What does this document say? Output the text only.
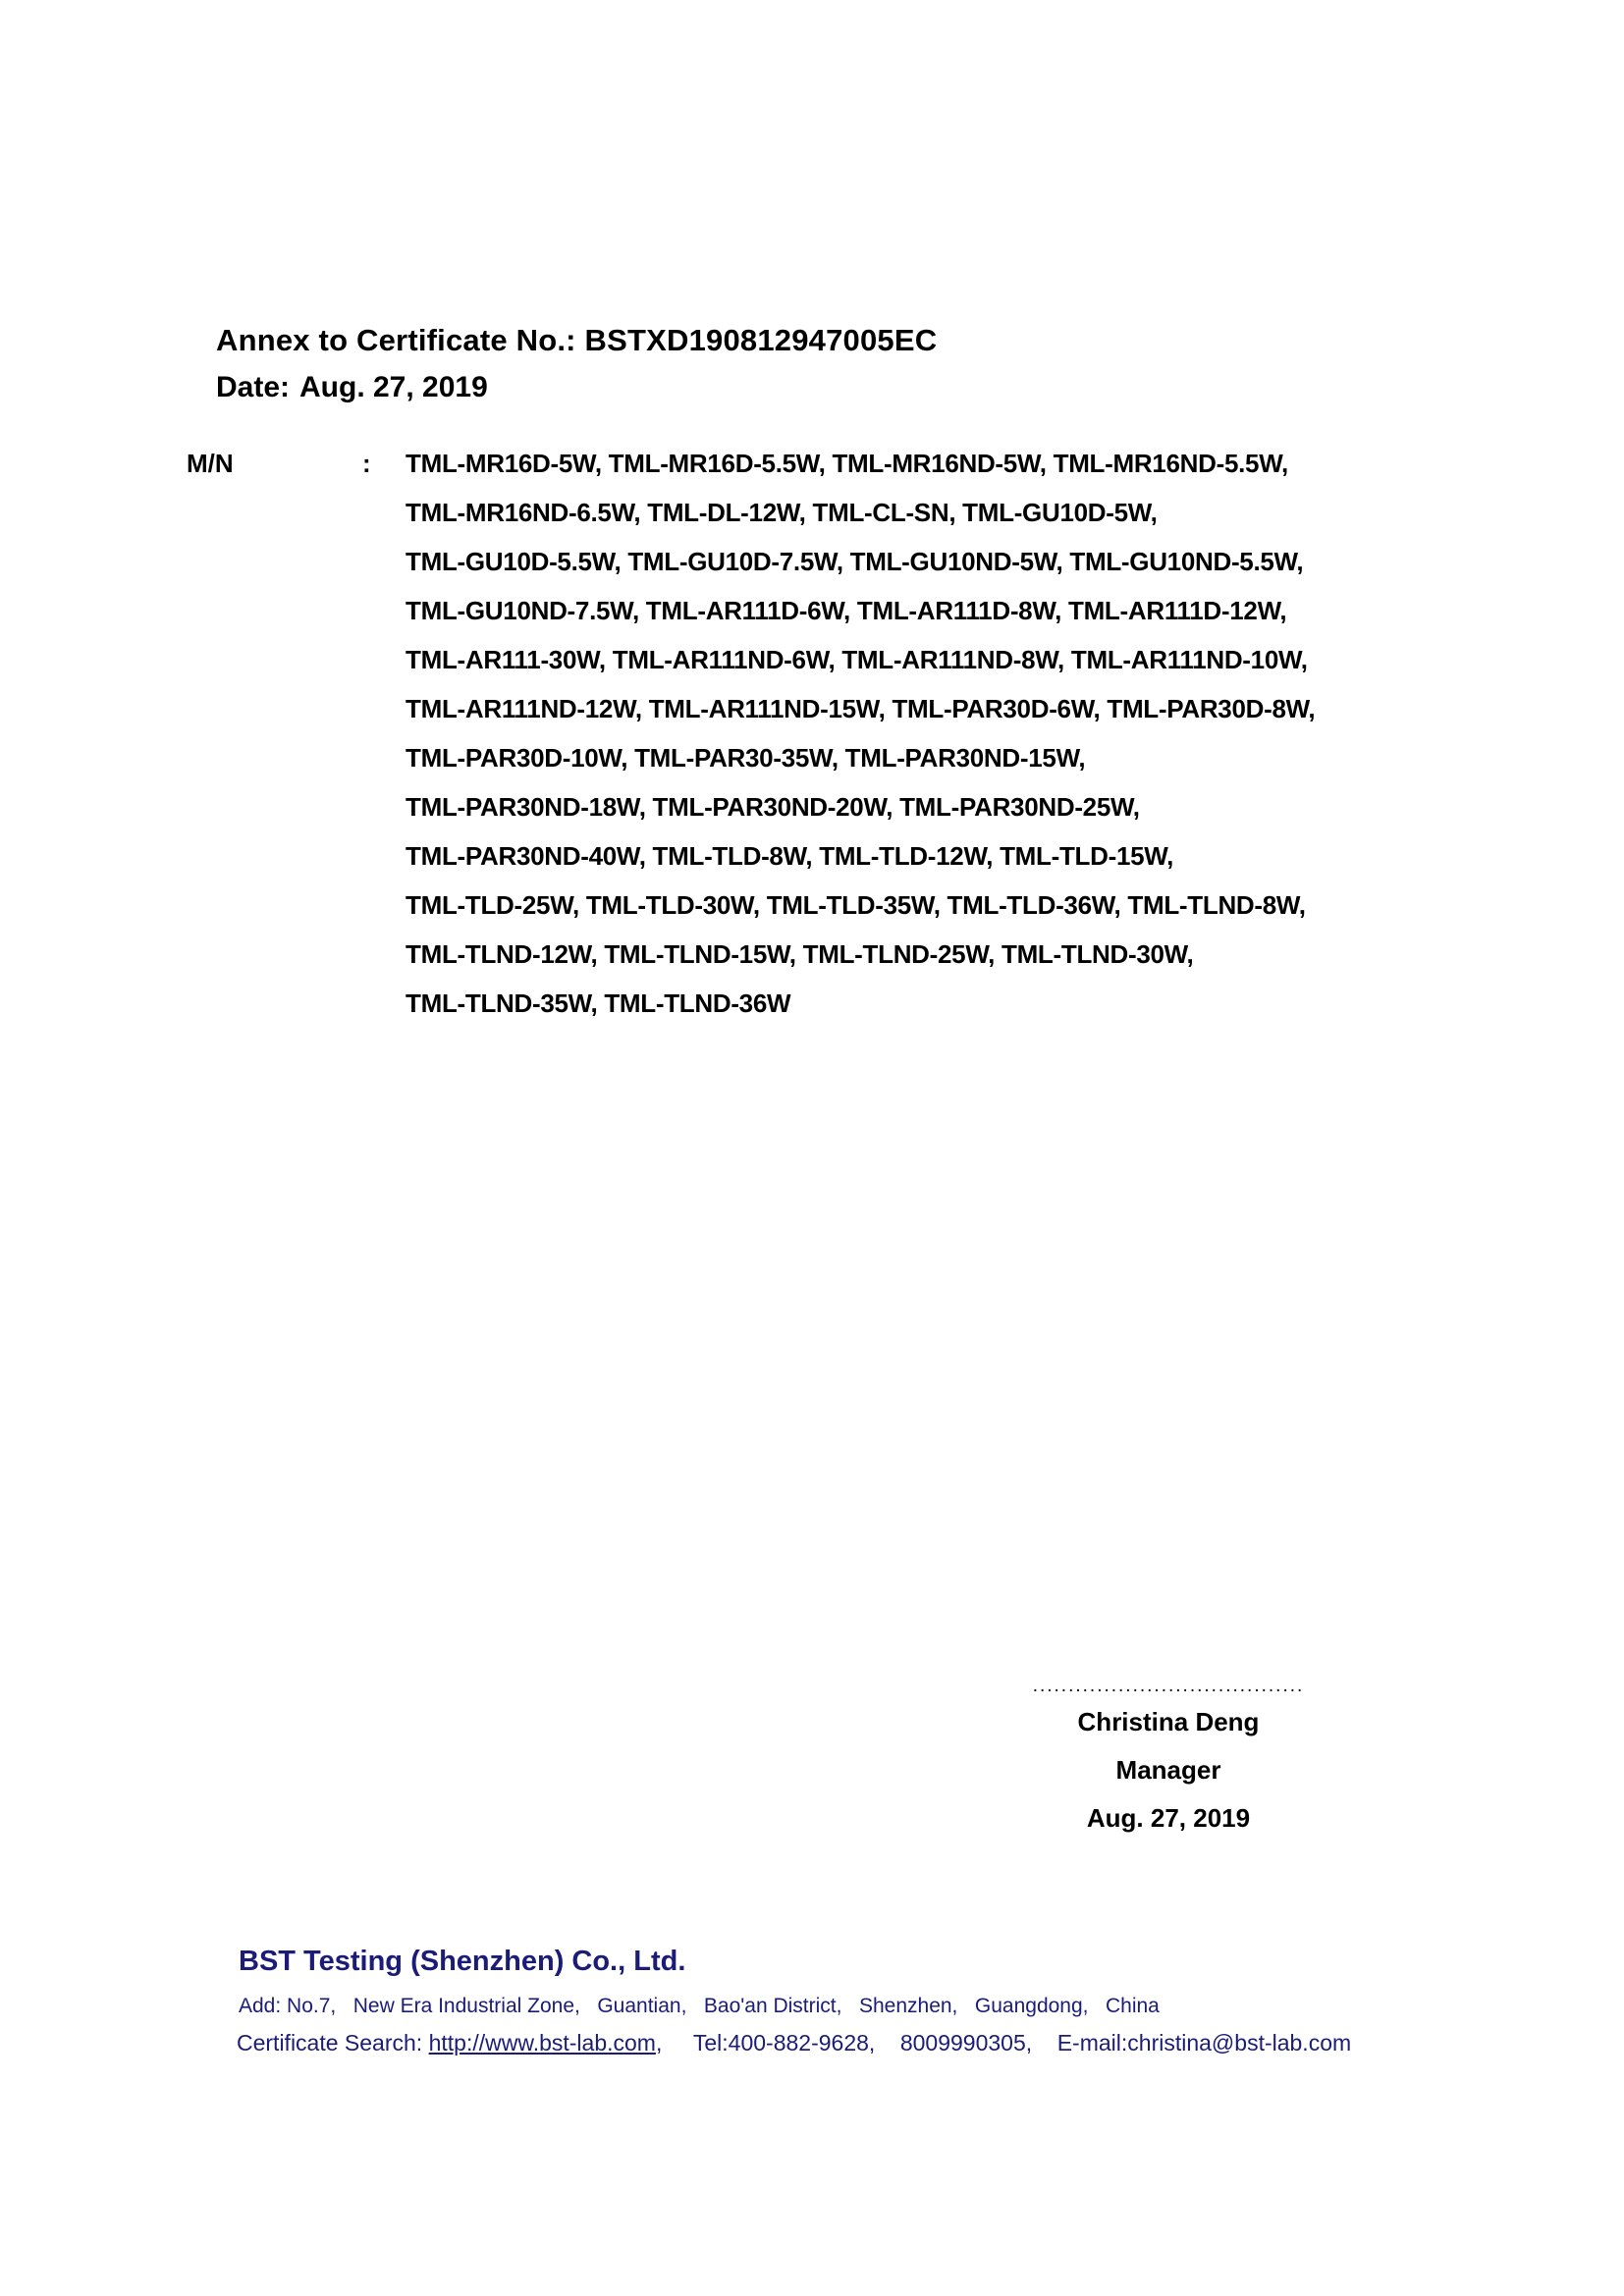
Annex to Certificate No.: BSTXD190812947005EC
Date: Aug. 27, 2019
M/N	: TML-MR16D-5W, TML-MR16D-5.5W, TML-MR16ND-5W, TML-MR16ND-5.5W,
TML-MR16ND-6.5W, TML-DL-12W, TML-CL-SN, TML-GU10D-5W,
TML-GU10D-5.5W, TML-GU10D-7.5W, TML-GU10ND-5W, TML-GU10ND-5.5W,
TML-GU10ND-7.5W, TML-AR111D-6W, TML-AR111D-8W, TML-AR111D-12W,
TML-AR111-30W, TML-AR111ND-6W, TML-AR111ND-8W, TML-AR111ND-10W,
TML-AR111ND-12W, TML-AR111ND-15W, TML-PAR30D-6W, TML-PAR30D-8W,
TML-PAR30D-10W, TML-PAR30-35W, TML-PAR30ND-15W,
TML-PAR30ND-18W, TML-PAR30ND-20W, TML-PAR30ND-25W,
TML-PAR30ND-40W, TML-TLD-8W, TML-TLD-12W, TML-TLD-15W,
TML-TLD-25W, TML-TLD-30W, TML-TLD-35W, TML-TLD-36W, TML-TLND-8W,
TML-TLND-12W, TML-TLND-15W, TML-TLND-25W, TML-TLND-30W,
TML-TLND-35W, TML-TLND-36W
......................................
Christina Deng
Manager
Aug. 27, 2019
BST Testing (Shenzhen) Co., Ltd.
Add: No.7,   New Era Industrial Zone,   Guantian,   Bao'an District,   Shenzhen,   Guangdong,   China
Certificate Search: http://www.bst-lab.com,     Tel:400-882-9628,    8009990305,    E-mail:christina@bst-lab.com
